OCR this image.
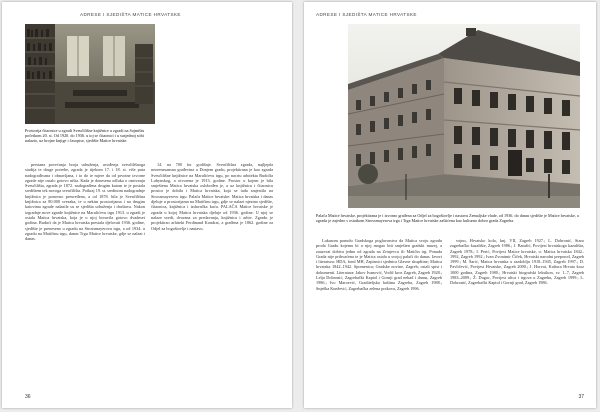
ADRESE I SJEDIŠTA MATICE HRVATSKE
Prostorija čitaonice u zgradi Sveučilišne knjižnice u zgradi na Sajmištu početkom 20. st. Od 1920. do 1936. u toj se čitaonici i u susjednoj sobi nalazio, uz brojne knjige i časopise, sjedište Matice hrvatske.

prestana povećanja broja udruženja, uvođenja sveučilišnoga studija te druge potrebe, zgrada je tijekom 17. i 18. st. više puta nadograđivana i obnavljana, i to do te mjere da od prvotne izvorne zgrade nije ostalo gotovo ništa. Kada je donesena odluka o osnivanju Sveučilišta, zgrada je 1872. nadograđena drugim katom te je postala središtem tek novoga sveučilišta. Potkraj 19. st. sredinom nadogradnje knjižnica je ponovno preuređena, a od 1878. bila je Sveučilišna knjižnica za 80.000 svezaka, te u nekim prostorijama i na drugim katovima zgrade nalazile su se sjedišta udruženja i društava. Nakon izgradnje nove zgrade knjižnice na Marulićevu trgu 1913. u zgradi je ostala Matica hrvatska, koja je u njoj boravila gotovo dvadeset godina. Budući da je Matica hrvatska prestala djelovati 1936. godine, sjedište je preneseno u zgradu na Strossmayerovu trgu, a od 1934. u zgradu na Matičinu trgu, danas Trgu Matice hrvatske, gdje se nalazi i danas.

14. na 700 for godišnje. Sveučilišna zgrada, najljepša neorenesansna građevina u Donjem gradu, projektirana je kao zgrada Sveučilišne knjižnice na Marulićevu trgu, po nacrtu arhitekta Rudolfa Lubynskog, a otvorena je 1913. godine. Prostor u kojem je bila smještena Matica hrvatska oslobođen je, a uz knjižnicu i čitaonicu prostor je dobila i Matica hrvatska, koja se tada smjestila na Strossmayerovu trgu. Palača Matice hrvatske: Matica hrvatska i danas djeluje u prostorijama na Matičinu trgu, gdje se nalazi njezino sjedište, čitaonica, knjižnica i izdavačka kuća. PALAČA Matice hrvatske je zgrada u kojoj Matica hrvatska djeluje od 1936. godine. U njoj se nalaze uredi, dvorana za predavanja, knjižnica i arhiv. Zgradu je projektirao arhitekt Ferdinand Kondrat, a građena je 1862. godine za Odjel za bogoštovlje i nastavu.

36
ADRESE I SJEDIŠTA MATICE HRVATSKE
Palača Matice hrvatske, projektirana je i izvorno građena za Odjel za bogoštovlje i nastavu Zemaljske vlade, od 1936. do danas sjedište je Matice hrvatske, a zgrada je zajedno s ostatkom Strossmayerova trga i Trga Matice hrvatske zaštićena kao kulturno dobro grada Zagreba.

Lukasom ponudu Gradskoga poglavarstva da Matica svoju zgradu proda Gradu kojemu bi u njoj mogao biti smješten gradski muzej, a zauzvrat dobiva jednu od zgrada na Zrinjevcu ili Matičin trg. Ponuda Grada nije prihvaćena te je Matica ostala u svojoj palači do danas. Izvori i literatura: HDA, fond MH, Zapisnici sjednica Glavne skupštine; Matica hrvatska 1842–1942. Spomenica; Gradske novine, Zagreb; ostali spisi i dokumenti. Literatura: Jakov Ivanović, Vodič kroz Zagreb, Zagreb 1928.; Lelja Dobronić, Zagrebački Kaptol i Gornji grad nekad i danas, Zagreb 1986.; Ivo Maroević, Graditeljska baština Zagreba, Zagreb 1988.; Snješka Knežević, Zagrebačka zelena potkova, Zagreb 1996.

vojno, Hrvatsko kolo, knj. VII, Zagreb 1927.; L. Dobronić, Staro zagrebačko kazalište, Zagreb 1986.; J. Batušić, Povijest hrvatskoga kazališta, Zagreb 1978.; I. Perić, Povijest Matice hrvatske, u: Matica hrvatska 1842–1992, Zagreb 1992.; Ivan Zvonimir Čiček, Hrvatski narodni preporod, Zagreb 1999.; M. Šarić, Matica hrvatska u razdoblju 1918–1945, Zagreb 1997.; D. Pavličević, Povijest Hrvatske, Zagreb 2000.; J. Horvat, Kultura Hrvata kroz 1000 godina, Zagreb 1980.; Hrvatski biografski leksikon, sv. 1–7, Zagreb 1983–2009.; Ž. Dugac, Povijest ulica i trgova u Zagrebu, Zagreb 1999.; L. Dobronić, Zagrebački Kaptol i Gornji grad, Zagreb 1986.

37
